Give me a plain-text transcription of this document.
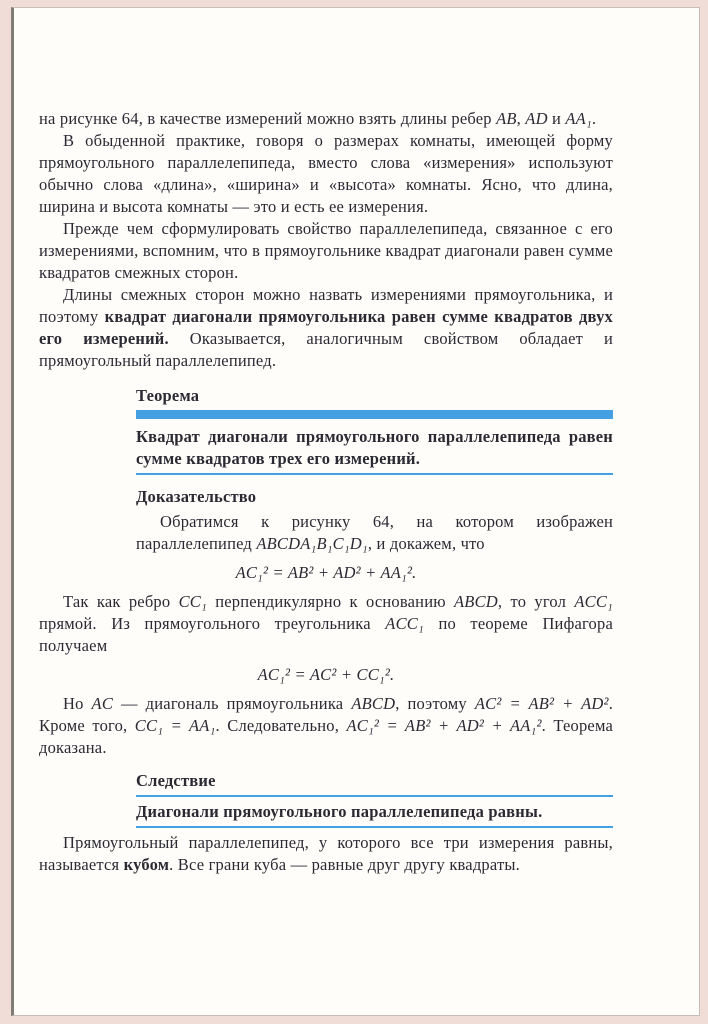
на рисунке 64, в качестве измерений можно взять длины ребер AB, AD и AA₁.

В обыденной практике, говоря о размерах комнаты, имеющей форму прямоугольного параллелепипеда, вместо слова «измерения» используют обычно слова «длина», «ширина» и «высота» комнаты. Ясно, что длина, ширина и высота комнаты — это и есть ее измерения.

Прежде чем сформулировать свойство параллелепипеда, связанное с его измерениями, вспомним, что в прямоугольнике квадрат диагонали равен сумме квадратов смежных сторон.

Длины смежных сторон можно назвать измерениями прямоугольника, и поэтому квадрат диагонали прямоугольника равен сумме квадратов двух его измерений. Оказывается, аналогичным свойством обладает и прямоугольный параллелепипед.

Теорема

Квадрат диагонали прямоугольного параллелепипеда равен сумме квадратов трех его измерений.

Доказательство

Обратимся к рисунку 64, на котором изображен параллелепипед ABCDA₁B₁C₁D₁, и докажем, что

AC₁² = AB² + AD² + AA₁².

Так как ребро CC₁ перпендикулярно к основанию ABCD, то угол ACC₁ прямой. Из прямоугольного треугольника ACC₁ по теореме Пифагора получаем

AC₁² = AC² + CC₁².

Но AC — диагональ прямоугольника ABCD, поэтому AC² = AB² + AD². Кроме того, CC₁ = AA₁. Следовательно, AC₁² = AB² + AD² + AA₁². Теорема доказана.

Следствие

Диагонали прямоугольного параллелепипеда равны.

Прямоугольный параллелепипед, у которого все три измерения равны, называется кубом. Все грани куба — равные друг другу квадраты.
